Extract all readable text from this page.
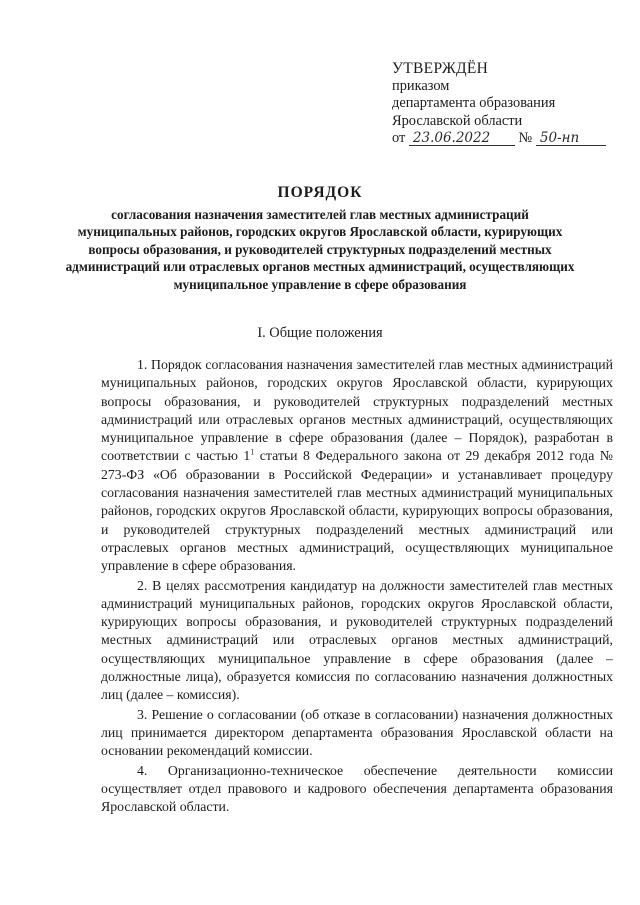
УТВЕРЖДЁН
приказом
департамента образования
Ярославской области
от 23.06.2022 № 50-нп
ПОРЯДОК
согласования назначения заместителей глав местных администраций муниципальных районов, городских округов Ярославской области, курирующих вопросы образования, и руководителей структурных подразделений местных администраций или отраслевых органов местных администраций, осуществляющих муниципальное управление в сфере образования
I. Общие положения

1. Порядок согласования назначения заместителей глав местных администраций муниципальных районов, городских округов Ярославской области, курирующих вопросы образования, и руководителей структурных подразделений местных администраций или отраслевых органов местных администраций, осуществляющих муниципальное управление в сфере образования (далее – Порядок), разработан в соответствии с частью $1^1$ статьи 8 Федерального закона от 29 декабря 2012 года № 273-ФЗ «Об образовании в Российской Федерации» и устанавливает процедуру согласования назначения заместителей глав местных администраций муниципальных районов, городских округов Ярославской области, курирующих вопросы образования, и руководителей структурных подразделений местных администраций или отраслевых органов местных администраций, осуществляющих муниципальное управление в сфере образования.

2. В целях рассмотрения кандидатур на должности заместителей глав местных администраций муниципальных районов, городских округов Ярославской области, курирующих вопросы образования, и руководителей структурных подразделений местных администраций или отраслевых органов местных администраций, осуществляющих муниципальное управление в сфере образования (далее – должностные лица), образуется комиссия по согласованию назначения должностных лиц (далее – комиссия).

3. Решение о согласовании (об отказе в согласовании) назначения должностных лиц принимается директором департамента образования Ярославской области на основании рекомендаций комиссии.

4. Организационно-техническое обеспечение деятельности комиссии осуществляет отдел правового и кадрового обеспечения департамента образования Ярославской области.
